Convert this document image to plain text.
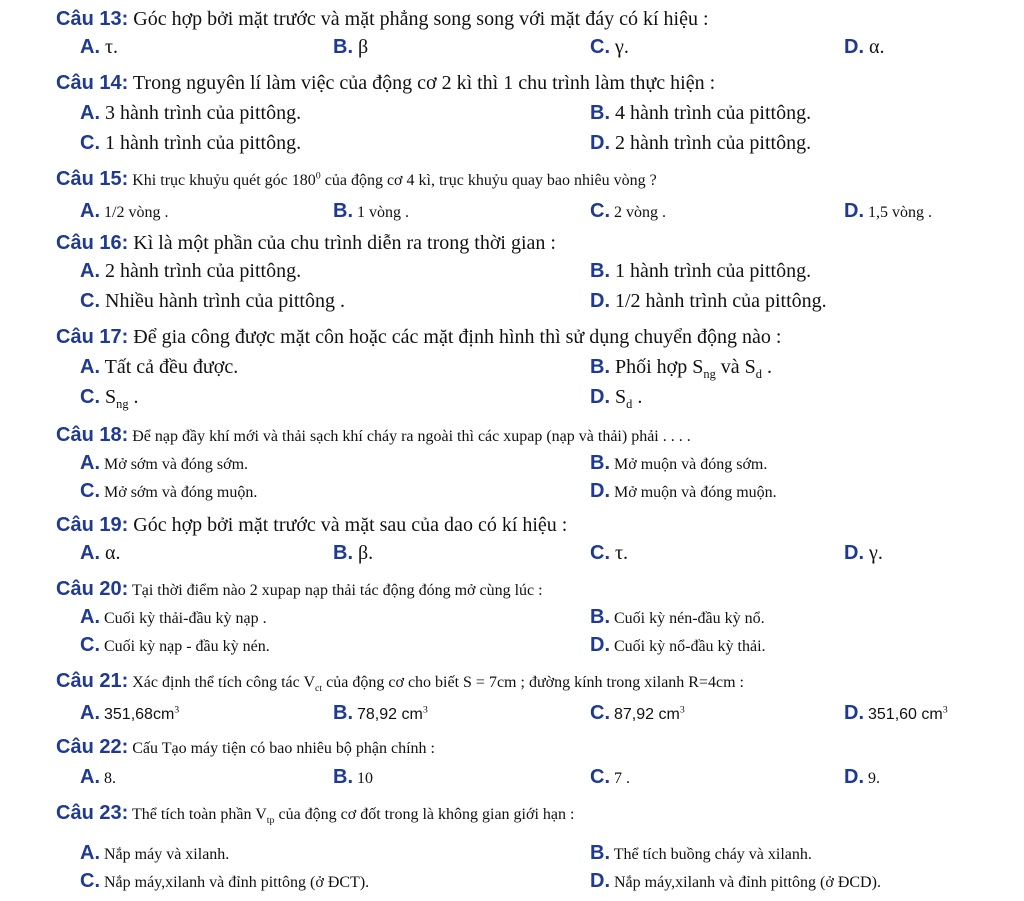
Câu 13: Góc hợp bởi mặt trước và mặt phẳng song song với mặt đáy có kí hiệu :
A. τ.	B. β	C. γ.	D. α.
Câu 14: Trong nguyên lí làm việc của động cơ 2 kì thì 1 chu trình làm thực hiện :
A. 3 hành trình của pittông.	B. 4 hành trình của pittông.
C. 1 hành trình của pittông.	D. 2 hành trình của pittông.
Câu 15: Khi trục khuỷu quét góc $180^0$ của động cơ 4 kì, trục khuỷu quay bao nhiêu vòng ?
A. 1/2 vòng .	B. 1 vòng .	C. 2 vòng .	D. 1,5 vòng .
Câu 16: Kì là một phần của chu trình diễn ra trong thời gian :
A. 2 hành trình của pittông.	B. 1 hành trình của pittông.
C. Nhiều hành trình của pittông .	D. 1/2 hành trình của pittông.
Câu 17: Để gia công được mặt côn hoặc các mặt định hình thì sử dụng chuyển động nào :
A. Tất cả đều được.	B. Phối hợp $S_{ng}$ và $S_d$ .
C. $S_{ng}$ .	D. $S_d$ .
Câu 18: Để nạp đầy khí mới và thải sạch khí cháy ra ngoài thì các xupap (nạp và thải) phải . . . .
A. Mở sớm và đóng sớm.	B. Mở muộn và đóng sớm.
C. Mở sớm và đóng muộn.	D. Mở muộn và đóng muộn.
Câu 19: Góc hợp bởi mặt trước và mặt sau của dao có kí hiệu :
A. α.	B. β.	C. τ.	D. γ.
Câu 20: Tại thời điểm nào 2 xupap nạp thải tác động đóng mở cùng lúc :
A. Cuối kỳ thải-đầu kỳ nạp .	B. Cuối kỳ nén-đầu kỳ nổ.
C. Cuối kỳ nạp - đầu kỳ nén.	D. Cuối kỳ nổ-đầu kỳ thải.
Câu 21: Xác định thể tích công tác $V_{ct}$ của động cơ cho biết S = 7cm ; đường kính trong xilanh R=4cm :
A. $351,68cm^3$	B. 78,92 $cm^3$	C. 87,92 $cm^3$	D. 351,60 $cm^3$
Câu 22: Cấu Tạo máy tiện có bao nhiêu bộ phận chính :
A. 8.	B. 10	C. 7 .	D. 9.
Câu 23: Thể tích toàn phần $V_{tp}$ của động cơ đốt trong là không gian giới hạn :
A. Nắp máy và xilanh.	B. Thể tích buồng cháy và xilanh.
C. Nắp máy,xilanh và đỉnh pittông (ở ĐCT).	D. Nắp máy,xilanh và đỉnh pittông (ở ĐCD).
